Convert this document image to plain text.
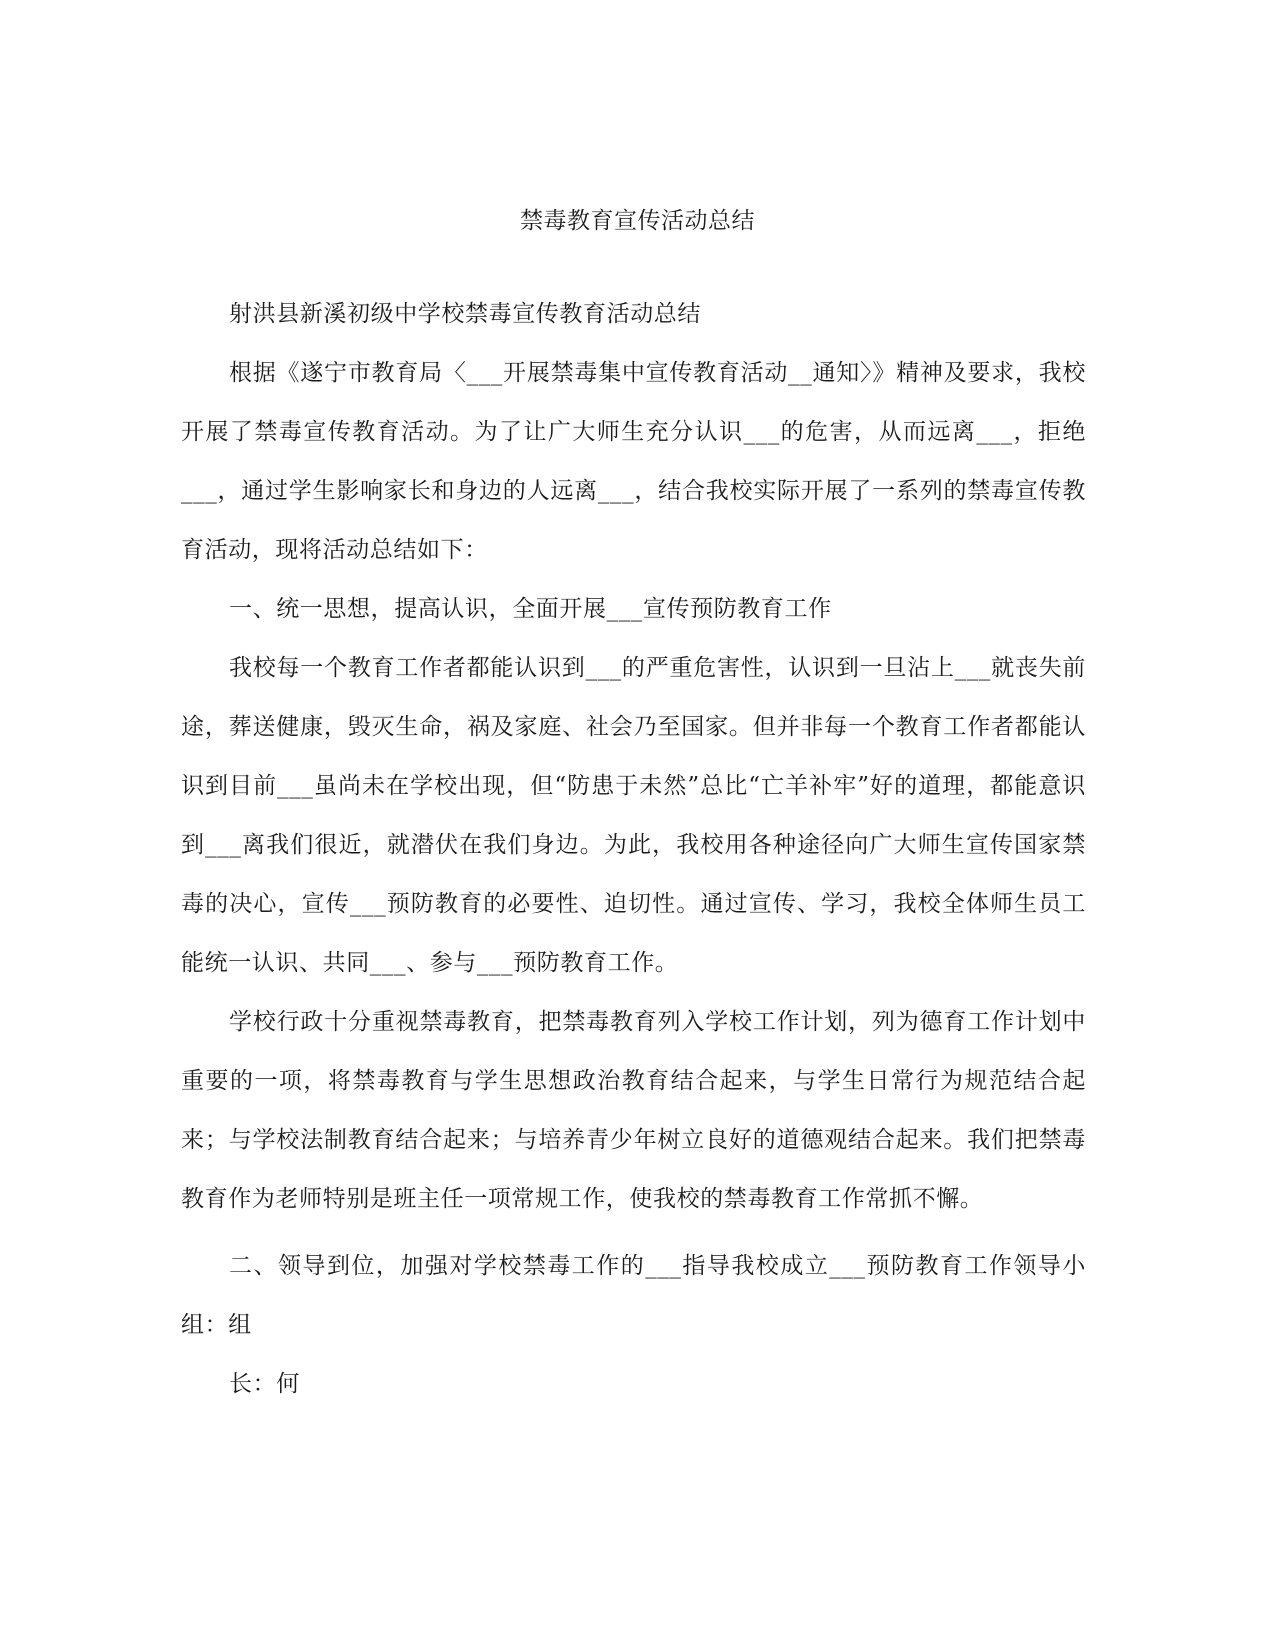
禁毒教育宣传活动总结

射洪县新溪初级中学校禁毒宣传教育活动总结

根据《遂宁市教育局〈___开展禁毒集中宣传教育活动__通知〉》精神及要求，我校开展了禁毒宣传教育活动。为了让广大师生充分认识___的危害，从而远离___，拒绝___，通过学生影响家长和身边的人远离___，结合我校实际开展了一系列的禁毒宣传教育活动，现将活动总结如下：

一、统一思想，提高认识，全面开展___宣传预防教育工作

我校每一个教育工作者都能认识到___的严重危害性，认识到一旦沾上___就丧失前途，葬送健康，毁灭生命，祸及家庭、社会乃至国家。但并非每一个教育工作者都能认识到目前___虽尚未在学校出现，但“防患于未然”总比“亡羊补牢”好的道理，都能意识到___离我们很近，就潜伏在我们身边。为此，我校用各种途径向广大师生宣传国家禁毒的决心，宣传___预防教育的必要性、迫切性。通过宣传、学习，我校全体师生员工能统一认识、共同___、参与___预防教育工作。

学校行政十分重视禁毒教育，把禁毒教育列入学校工作计划，列为德育工作计划中重要的一项，将禁毒教育与学生思想政治教育结合起来，与学生日常行为规范结合起来；与学校法制教育结合起来；与培养青少年树立良好的道德观结合起来。我们把禁毒教育作为老师特别是班主任一项常规工作，使我校的禁毒教育工作常抓不懈。

二、领导到位，加强对学校禁毒工作的___指导我校成立___预防教育工作领导小组：组

长：何
